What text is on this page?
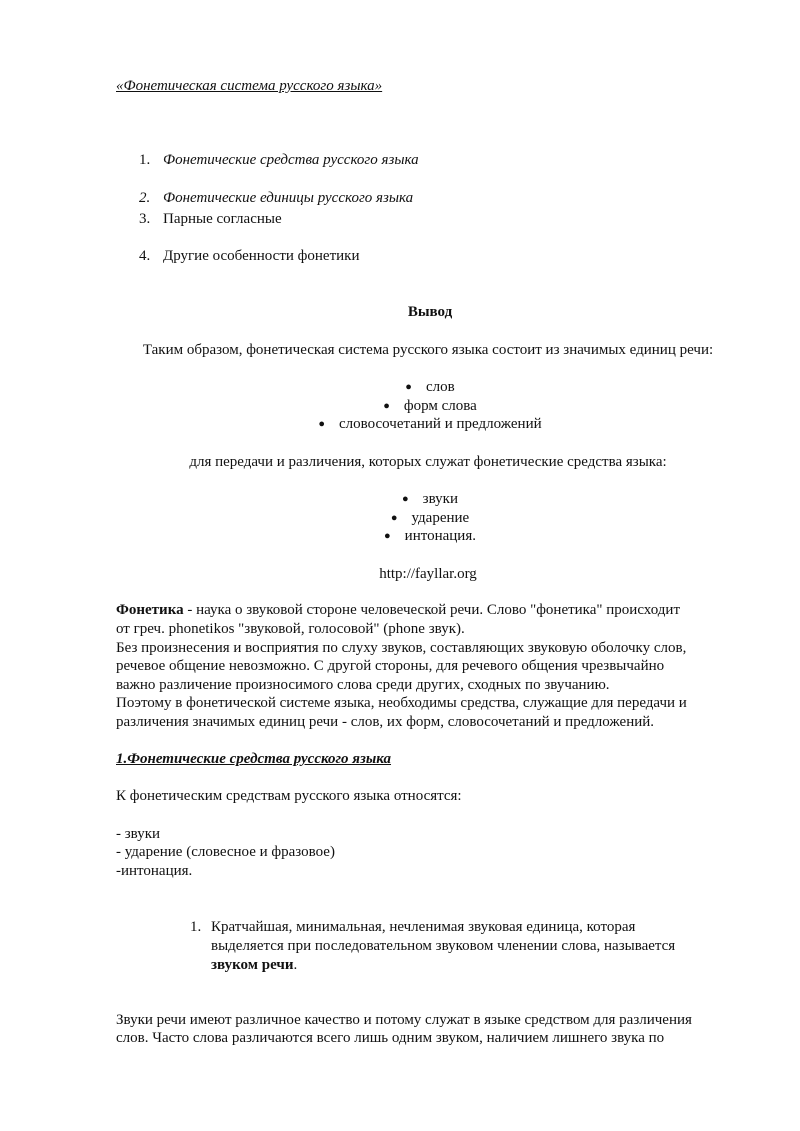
«Фонетическая система русского языка»
1. Фонетические средства русского языка
2. Фонетические единицы русского языка
3. Парные согласные
4. Другие особенности фонетики
Вывод
Таким образом, фонетическая система русского языка состоит из значимых единиц речи:
● слов
● форм слова
● словосочетаний и предложений
для передачи и различения, которых служат фонетические средства языка:
● звуки
● ударение
● интонация.
http://fayllar.org
Фонетика - наука о звуковой стороне человеческой речи. Слово "фонетика" происходит
от греч. phonetikos "звуковой, голосовой" (phone звук).
Без произнесения и восприятия по слуху звуков, составляющих звуковую оболочку слов,
речевое общение невозможно. С другой стороны, для речевого общения чрезвычайно
важно различение произносимого слова среди других, сходных по звучанию.
Поэтому в фонетической системе языка, необходимы средства, служащие для передачи и
различения значимых единиц речи - слов, их форм, словосочетаний и предложений.
1.Фонетические средства русского языка
К фонетическим средствам русского языка относятся:
- звуки
- ударение (словесное и фразовое)
-интонация.
1. Кратчайшая, минимальная, нечленимая звуковая единица, которая
выделяется при последовательном звуковом членении слова, называется
звуком речи.
Звуки речи имеют различное качество и потому служат в языке средством для различения
слов. Часто слова различаются всего лишь одним звуком, наличием лишнего звука по
